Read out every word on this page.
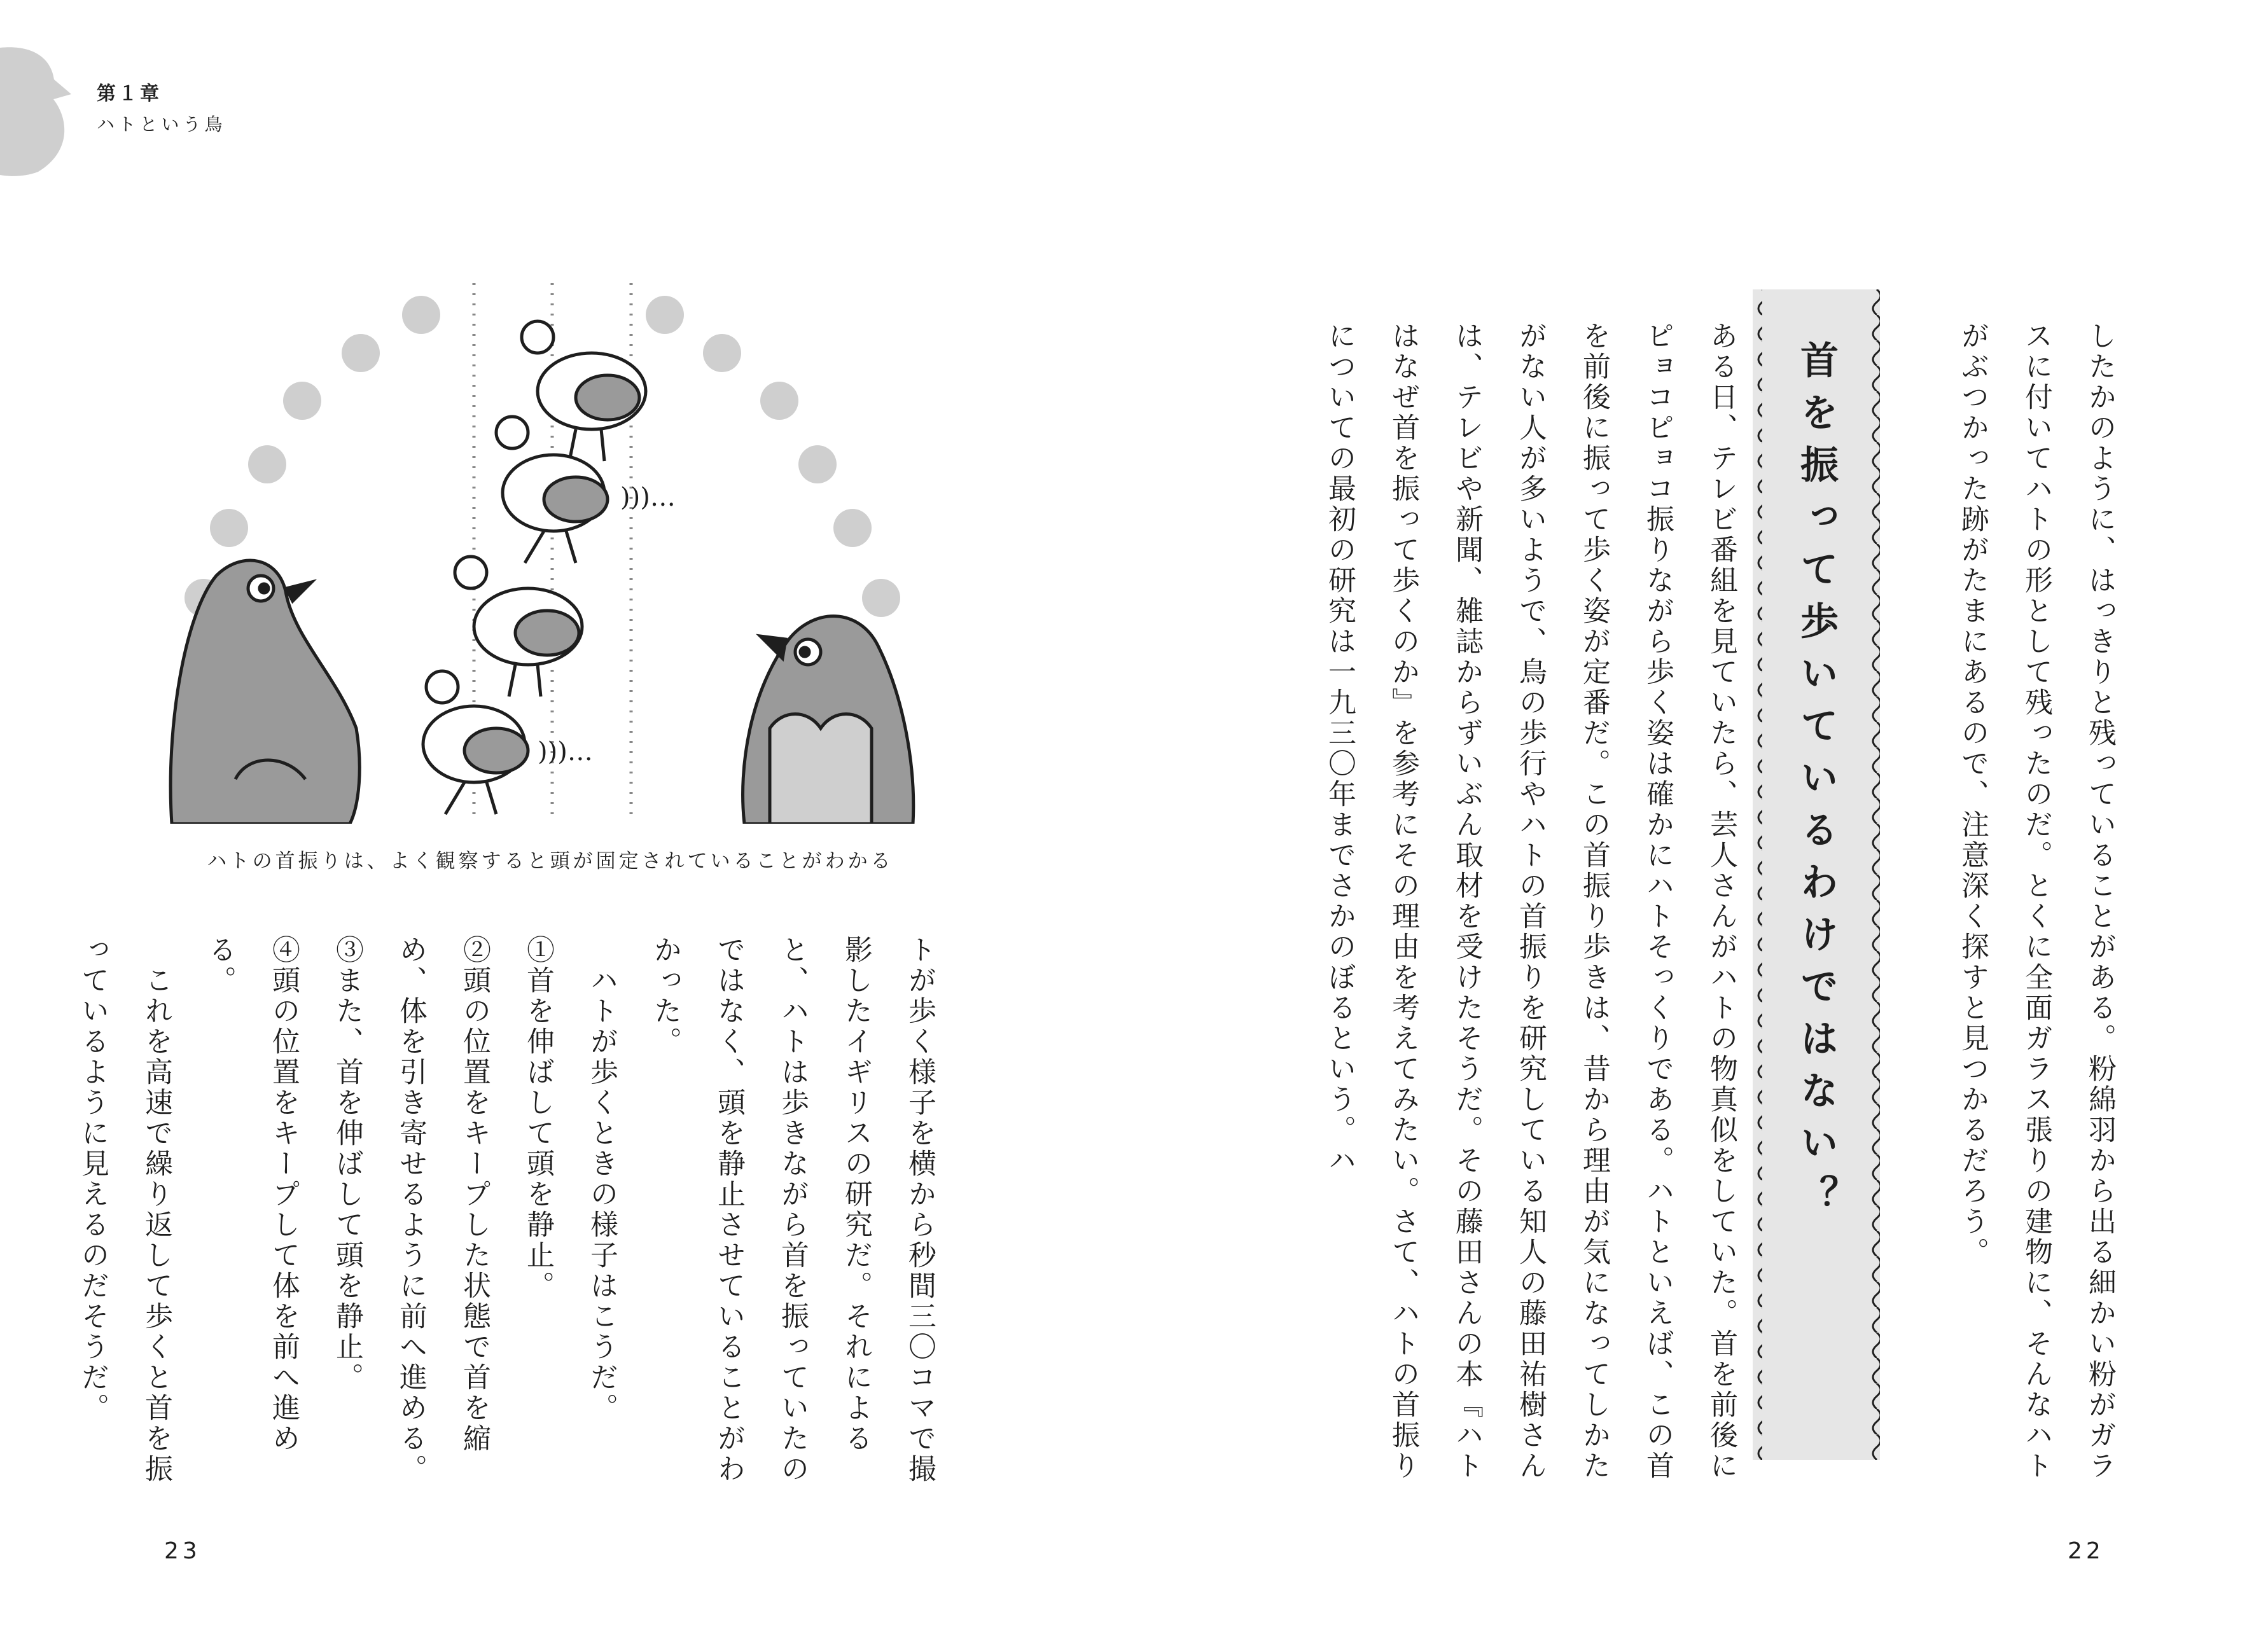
第１章

ハトという鳥

したかのように、はっきりと残っていることがある。粉綿羽から出る細かい粉がガラスに付いてハトの形として残ったのだ。とくに全面ガラス張りの建物に、そんなハトがぶつかった跡がたまにあるので、注意深く探すと見つかるだろう。

首を振って歩いているわけではない？

ある日、テレビ番組を見ていたら、芸人さんがハトの物真似をしていた。首を前後にピョコピョコ振りながら歩く姿は確かにハトそっくりである。ハトといえば、この首を前後に振って歩く姿が定番だ。この首振り歩きは、昔から理由が気になってしかたがない人が多いようで、鳥の歩行やハトの首振りを研究している知人の藤田祐樹さんは、テレビや新聞、雑誌からずいぶん取材を受けたそうだ。その藤田さんの本『ハトはなぜ首を振って歩くのか』を参考にその理由を考えてみたい。さて、ハトの首振りについての最初の研究は一九三〇年までさかのぼるという。ハ

)))…
)))…

ハトの首振りは、よく観察すると頭が固定されていることがわかる

トが歩く様子を横から秒間三〇コマで撮影したイギリスの研究だ。それによると、ハトは歩きながら首を振っていたのではなく、頭を静止させていることがわかった。

　ハトが歩くときの様子はこうだ。

①首を伸ばして頭を静止。

②頭の位置をキープした状態で首を縮め、体を引き寄せるように前へ進める。

③また、首を伸ばして頭を静止。

④頭の位置をキープして体を前へ進める。

　これを高速で繰り返して歩くと首を振っているように見えるのだそうだ。

23	22
